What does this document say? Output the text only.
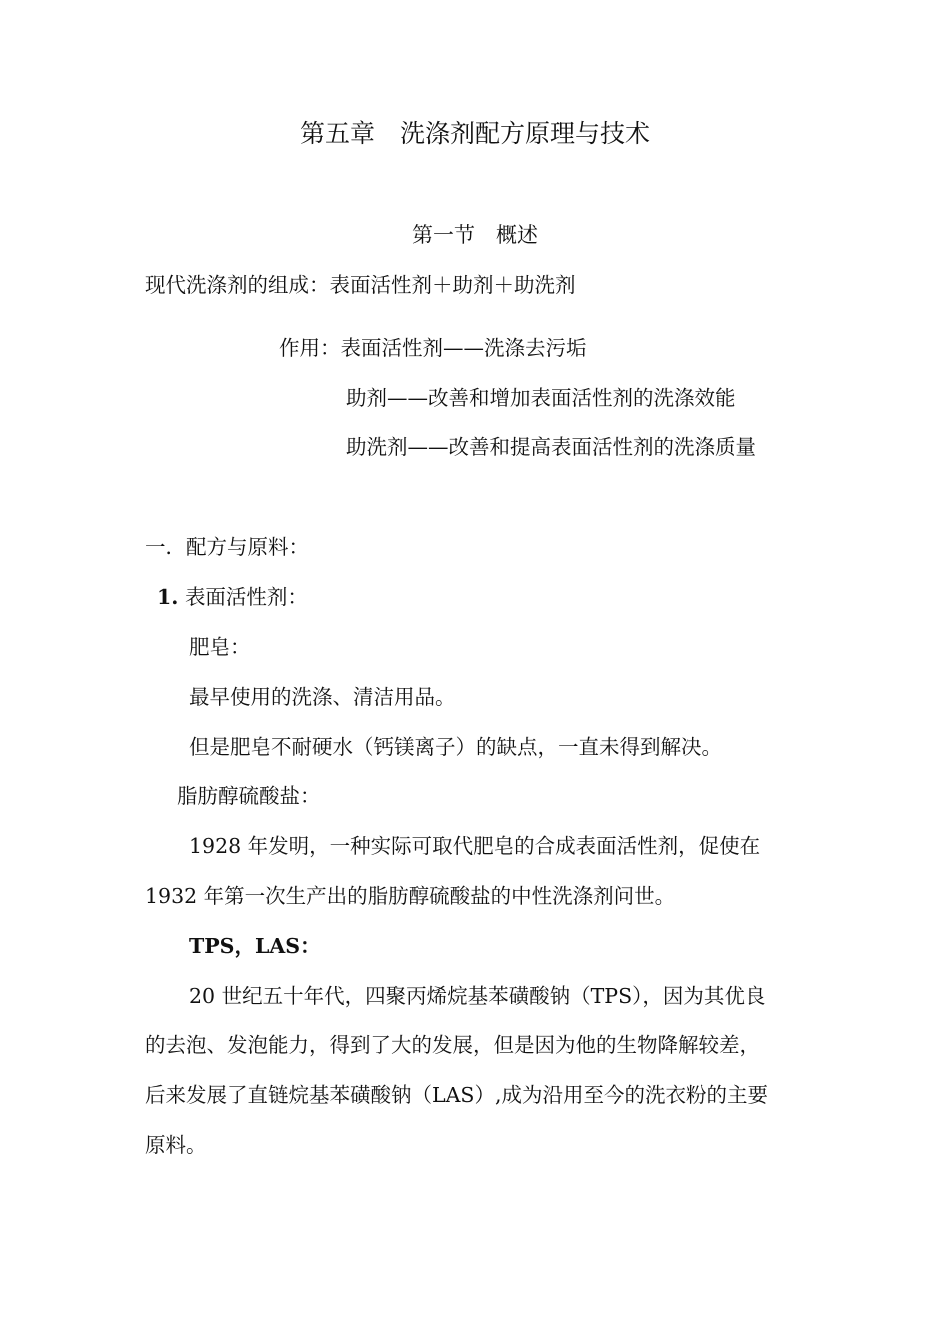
第五章　洗涤剂配方原理与技术
第一节　概述
现代洗涤剂的组成：表面活性剂＋助剂＋助洗剂
作用：表面活性剂——洗涤去污垢
助剂——改善和增加表面活性剂的洗涤效能
助洗剂——改善和提高表面活性剂的洗涤质量
一．配方与原料：
1. 表面活性剂：
肥皂：
最早使用的洗涤、清洁用品。
但是肥皂不耐硬水（钙镁离子）的缺点，一直未得到解决。
脂肪醇硫酸盐：
1928 年发明，一种实际可取代肥皂的合成表面活性剂，促使在
1932 年第一次生产出的脂肪醇硫酸盐的中性洗涤剂问世。
TPS，LAS：
20 世纪五十年代，四聚丙烯烷基苯磺酸钠（TPS），因为其优良
的去泡、发泡能力，得到了大的发展，但是因为他的生物降解较差，
后来发展了直链烷基苯磺酸钠（LAS）,成为沿用至今的洗衣粉的主要
原料。
